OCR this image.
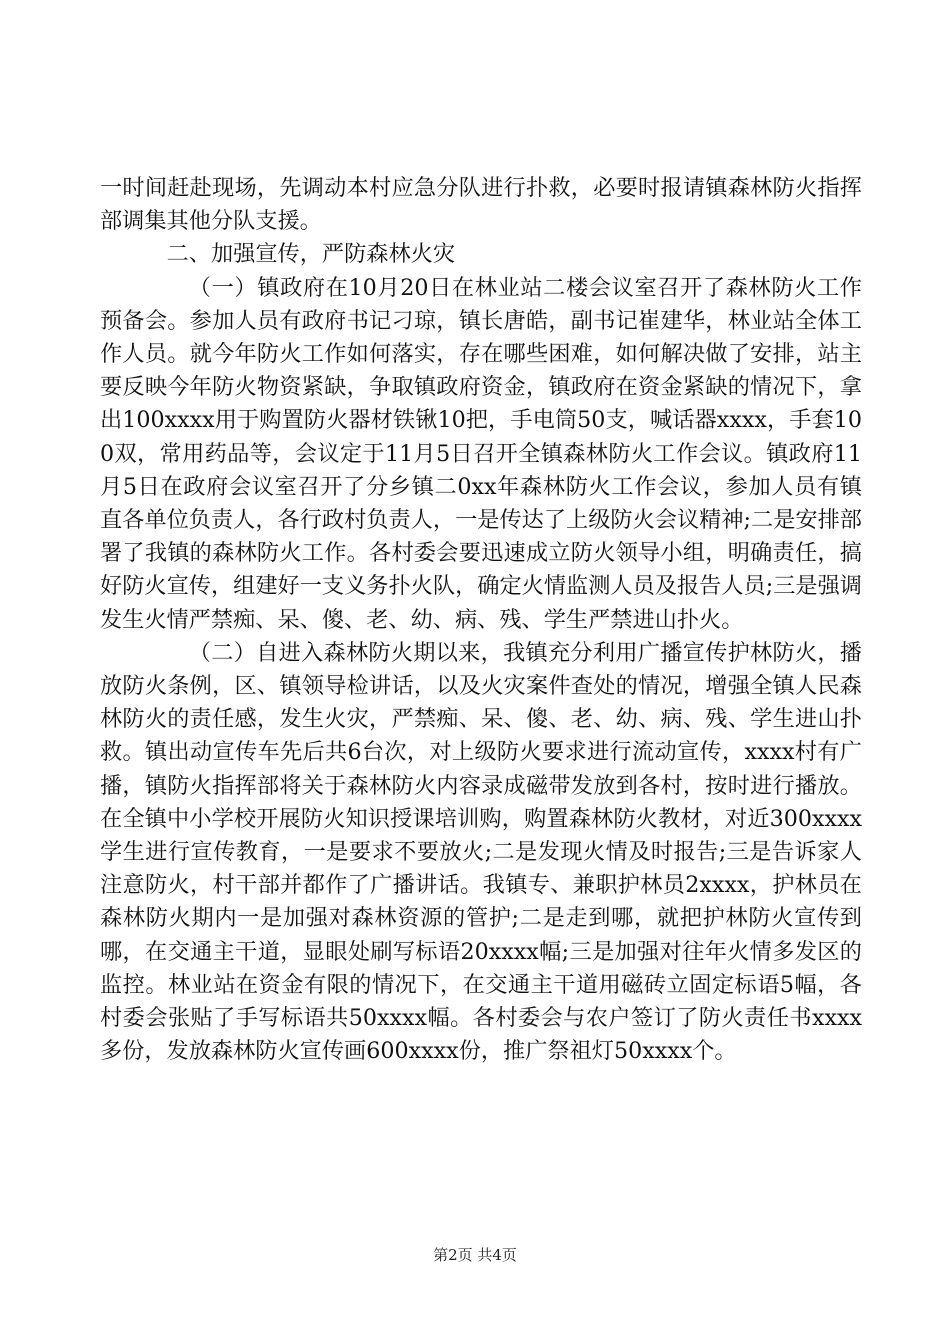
一时间赶赴现场，先调动本村应急分队进行扑救，必要时报请镇森林防火指挥部调集其他分队支援。

二、加强宣传，严防森林火灾

（一）镇政府在10月20日在林业站二楼会议室召开了森林防火工作预备会。参加人员有政府书记刁琼，镇长唐皓，副书记崔建华，林业站全体工作人员。就今年防火工作如何落实，存在哪些困难，如何解决做了安排，站主要反映今年防火物资紧缺，争取镇政府资金，镇政府在资金紧缺的情况下，拿出100xxxx用于购置防火器材铁锹10把，手电筒50支，喊话器xxxx，手套100双，常用药品等，会议定于11月5日召开全镇森林防火工作会议。镇政府11月5日在政府会议室召开了分乡镇二0xx年森林防火工作会议，参加人员有镇直各单位负责人，各行政村负责人，一是传达了上级防火会议精神;二是安排部署了我镇的森林防火工作。各村委会要迅速成立防火领导小组，明确责任，搞好防火宣传，组建好一支义务扑火队，确定火情监测人员及报告人员;三是强调发生火情严禁痴、呆、傻、老、幼、病、残、学生严禁进山扑火。

（二）自进入森林防火期以来，我镇充分利用广播宣传护林防火，播放防火条例，区、镇领导检讲话，以及火灾案件查处的情况，增强全镇人民森林防火的责任感，发生火灾，严禁痴、呆、傻、老、幼、病、残、学生进山扑救。镇出动宣传车先后共6台次，对上级防火要求进行流动宣传，xxxx村有广播，镇防火指挥部将关于森林防火内容录成磁带发放到各村，按时进行播放。在全镇中小学校开展防火知识授课培训购，购置森林防火教材，对近300xxxx学生进行宣传教育，一是要求不要放火;二是发现火情及时报告;三是告诉家人注意防火，村干部并都作了广播讲话。我镇专、兼职护林员2xxxx，护林员在森林防火期内一是加强对森林资源的管护;二是走到哪，就把护林防火宣传到哪，在交通主干道，显眼处刷写标语20xxxx幅;三是加强对往年火情多发区的监控。林业站在资金有限的情况下，在交通主干道用磁砖立固定标语5幅，各村委会张贴了手写标语共50xxxx幅。各村委会与农户签订了防火责任书xxxx多份，发放森林防火宣传画600xxxx份，推广祭祖灯50xxxx个。

第2页 共4页
